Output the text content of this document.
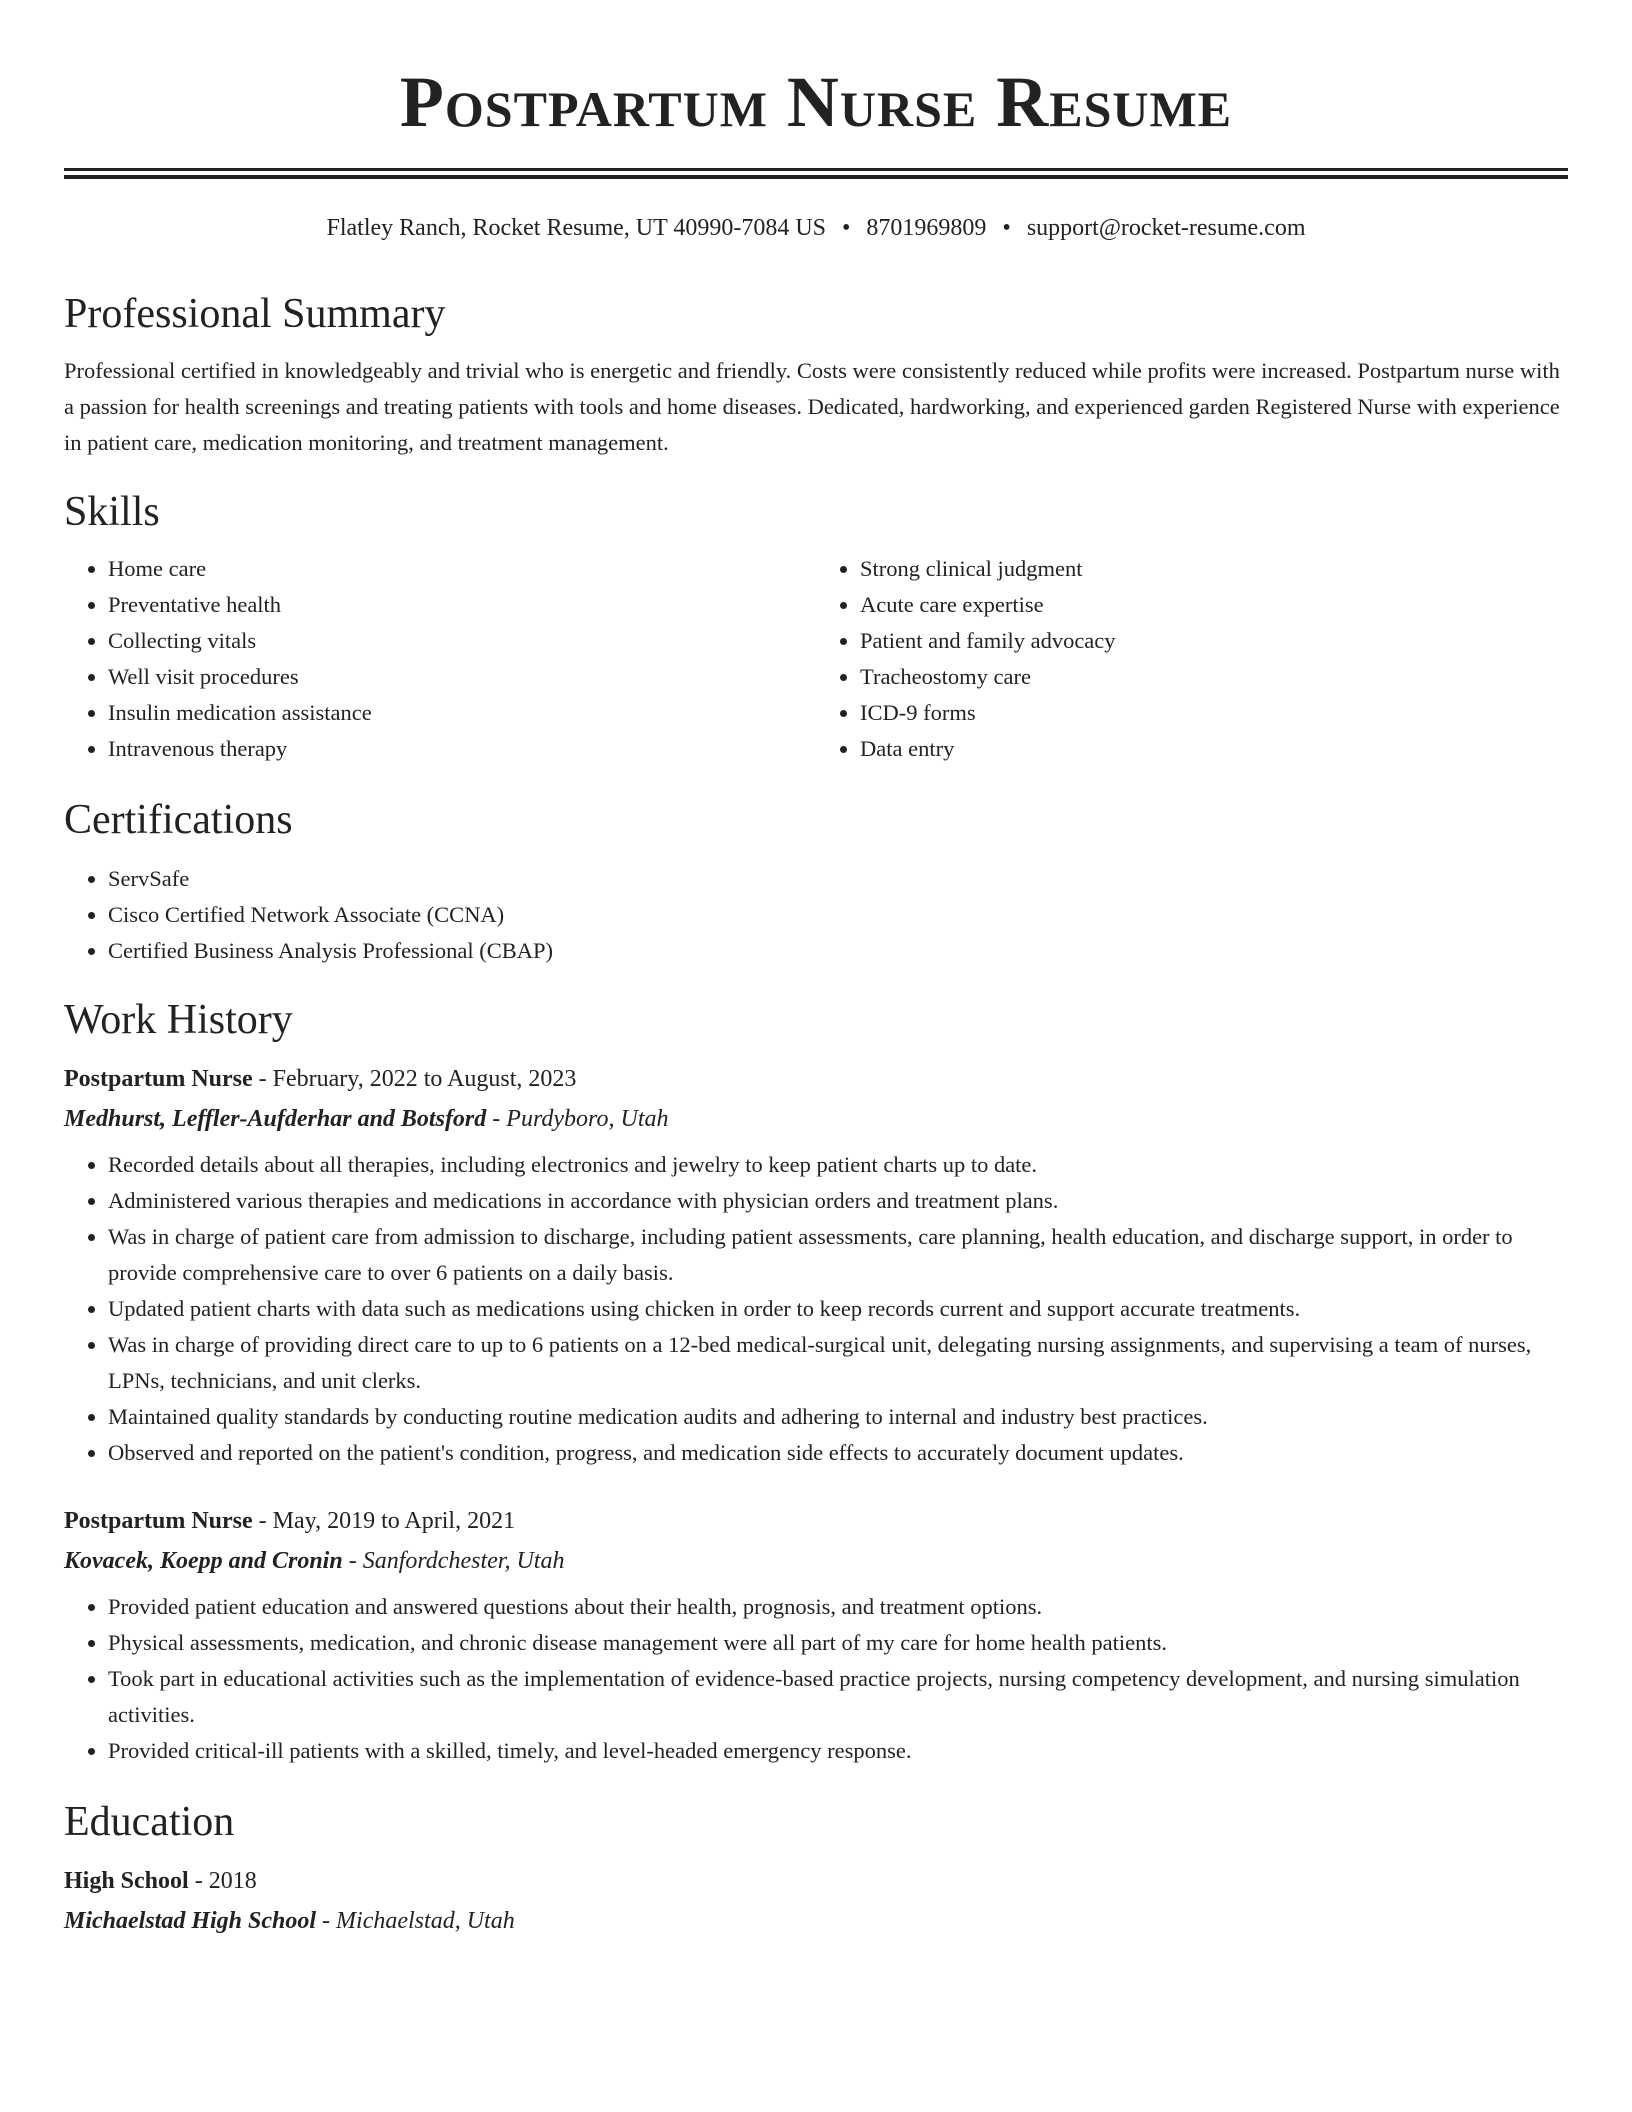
Postpartum Nurse Resume
Flatley Ranch, Rocket Resume, UT 40990-7084 US • 8701969809 • support@rocket-resume.com
Professional Summary

Professional certified in knowledgeably and trivial who is energetic and friendly. Costs were consistently reduced while profits were increased. Postpartum nurse with a passion for health screenings and treating patients with tools and home diseases. Dedicated, hardworking, and experienced garden Registered Nurse with experience in patient care, medication monitoring, and treatment management.

Skills
• Home care
• Preventative health
• Collecting vitals
• Well visit procedures
• Insulin medication assistance
• Intravenous therapy
• Strong clinical judgment
• Acute care expertise
• Patient and family advocacy
• Tracheostomy care
• ICD-9 forms
• Data entry
Certifications
• ServSafe
• Cisco Certified Network Associate (CCNA)
• Certified Business Analysis Professional (CBAP)
Work History
Postpartum Nurse - February, 2022 to August, 2023
Medhurst, Leffler-Aufderhar and Botsford - Purdyboro, Utah
• Recorded details about all therapies, including electronics and jewelry to keep patient charts up to date.
• Administered various therapies and medications in accordance with physician orders and treatment plans.
• Was in charge of patient care from admission to discharge, including patient assessments, care planning, health education, and discharge support, in order to provide comprehensive care to over 6 patients on a daily basis.
• Updated patient charts with data such as medications using chicken in order to keep records current and support accurate treatments.
• Was in charge of providing direct care to up to 6 patients on a 12-bed medical-surgical unit, delegating nursing assignments, and supervising a team of nurses, LPNs, technicians, and unit clerks.
• Maintained quality standards by conducting routine medication audits and adhering to internal and industry best practices.
• Observed and reported on the patient's condition, progress, and medication side effects to accurately document updates.
Postpartum Nurse - May, 2019 to April, 2021
Kovacek, Koepp and Cronin - Sanfordchester, Utah
• Provided patient education and answered questions about their health, prognosis, and treatment options.
• Physical assessments, medication, and chronic disease management were all part of my care for home health patients.
• Took part in educational activities such as the implementation of evidence-based practice projects, nursing competency development, and nursing simulation activities.
• Provided critical-ill patients with a skilled, timely, and level-headed emergency response.
Education
High School - 2018
Michaelstad High School - Michaelstad, Utah
